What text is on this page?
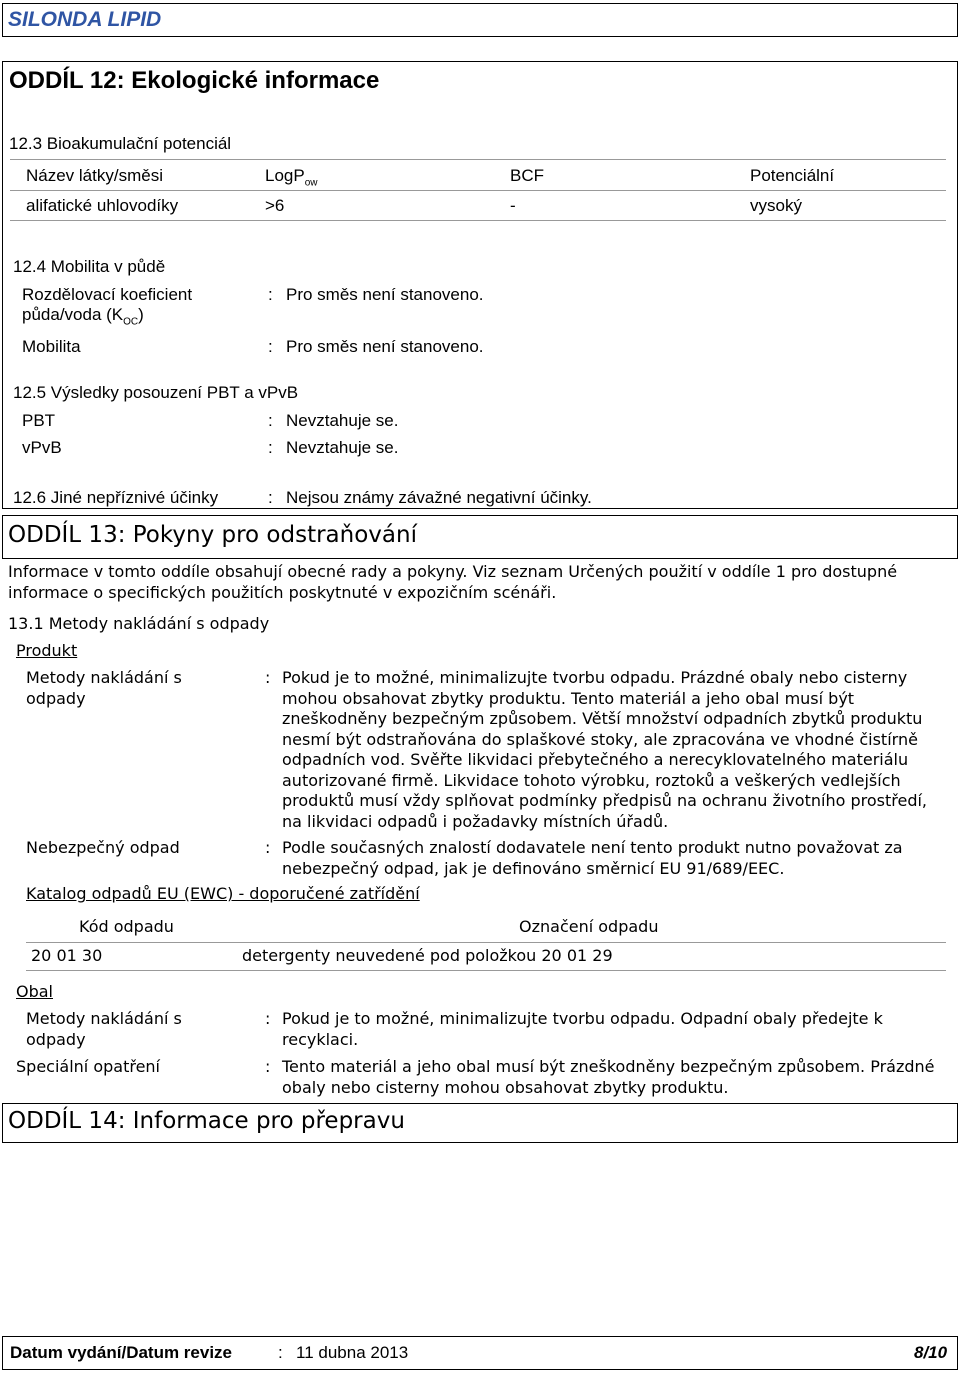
SILONDA LIPID
ODDÍL 12: Ekologické informace
12.3 Bioakumulační potenciál
Název látky/směsi	LogP$_{ow}$	BCF	Potenciální
alifatické uhlovodíky	>6	-	vysoký
12.4 Mobilita v půdě
Rozdělovací koeficient
půda/voda $(K_{OC})$
: Pro směs není stanoveno.
Mobilita	: Pro směs není stanoveno.
12.5 Výsledky posouzení PBT a vPvB
PBT	: Nevztahuje se.
vPvB	: Nevztahuje se.
12.6 Jiné nepříznivé účinky	: Nejsou známy závažné negativní účinky.
ODDÍL 13: Pokyny pro odstraňování
Informace v tomto oddíle obsahují obecné rady a pokyny. Viz seznam Určených použití v oddíle 1 pro dostupné informace o specifických použitích poskytnuté v expozičním scénáři.
13.1 Metody nakládání s odpady
Produkt
Metody nakládání s odpady
: Pokud je to možné, minimalizujte tvorbu odpadu. Prázdné obaly nebo cisterny mohou obsahovat zbytky produktu. Tento materiál a jeho obal musí být zneškodněny bezpečným způsobem. Větší množství odpadních zbytků produktu nesmí být odstraňována do splaškové stoky, ale zpracována ve vhodné čistírně odpadních vod. Svěřte likvidaci přebytečného a nerecyklovatelného materiálu autorizované firmě. Likvidace tohoto výrobku, roztoků a veškerých vedlejších produktů musí vždy splňovat podmínky předpisů na ochranu životního prostředí, na likvidaci odpadů i požadavky místních úřadů.
Nebezpečný odpad	: Podle současných znalostí dodavatele není tento produkt nutno považovat za nebezpečný odpad, jak je definováno směrnicí EU 91/689/EEC.
Katalog odpadů EU (EWC) - doporučené zatřídění
Kód odpadu	Označení odpadu
20 01 30	detergenty neuvedené pod položkou 20 01 29
Obal
Metody nakládání s odpady
: Pokud je to možné, minimalizujte tvorbu odpadu. Odpadní obaly předejte k recyklaci.
Speciální opatření	: Tento materiál a jeho obal musí být zneškodněny bezpečným způsobem. Prázdné obaly nebo cisterny mohou obsahovat zbytky produktu.
ODDÍL 14: Informace pro přepravu
Datum vydání/Datum revize	: 11 dubna 2013	8/10
